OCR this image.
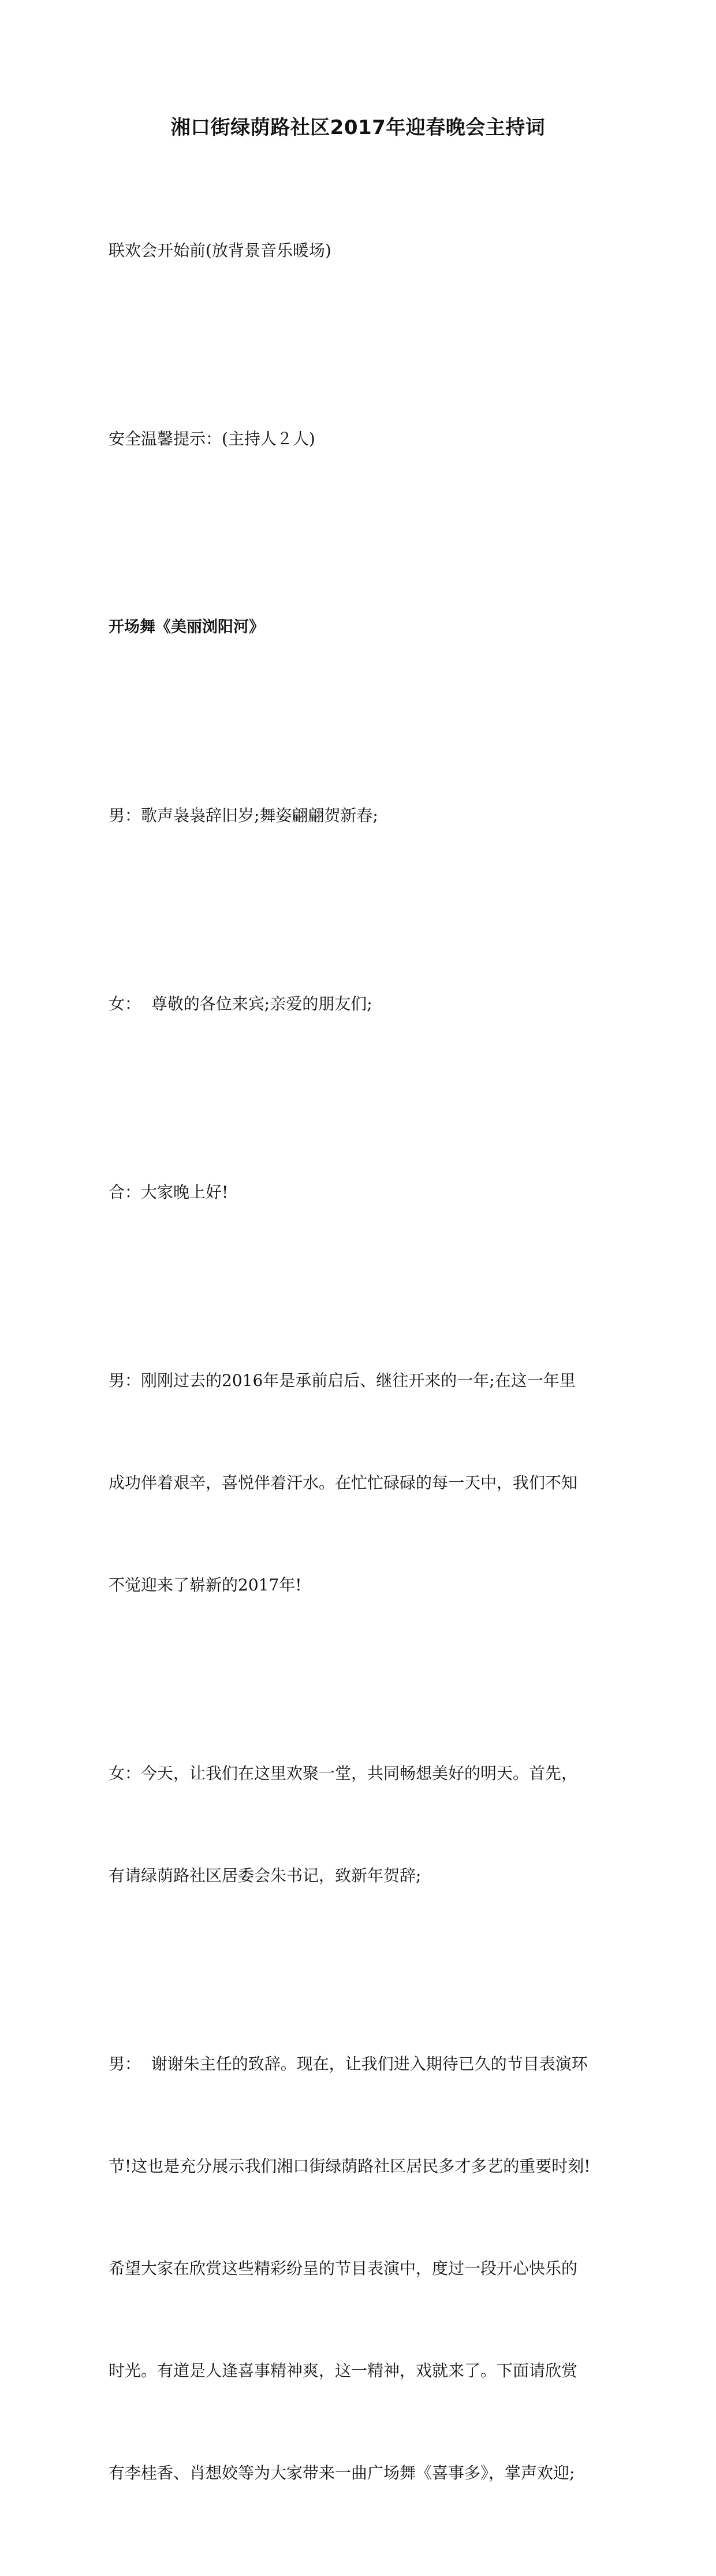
湘口街绿荫路社区2017年迎春晚会主持词

联欢会开始前(放背景音乐暖场)

安全温馨提示：(主持人２人)

开场舞《美丽浏阳河》

男：歌声袅袅辞旧岁;舞姿翩翩贺新春;

女：  尊敬的各位来宾;亲爱的朋友们;

合：大家晚上好!

男：刚刚过去的2016年是承前启后、继往开来的一年;在这一年里

成功伴着艰辛，喜悦伴着汗水。在忙忙碌碌的每一天中，我们不知

不觉迎来了崭新的2017年!

女：今天，让我们在这里欢聚一堂，共同畅想美好的明天。首先，

有请绿荫路社区居委会朱书记，致新年贺辞;

男：  谢谢朱主任的致辞。现在，让我们进入期待已久的节目表演环

节!这也是充分展示我们湘口街绿荫路社区居民多才多艺的重要时刻!

希望大家在欣赏这些精彩纷呈的节目表演中，度过一段开心快乐的

时光。有道是人逢喜事精神爽，这一精神，戏就来了。下面请欣赏

有李桂香、肖想姣等为大家带来一曲广场舞《喜事多》，掌声欢迎;
